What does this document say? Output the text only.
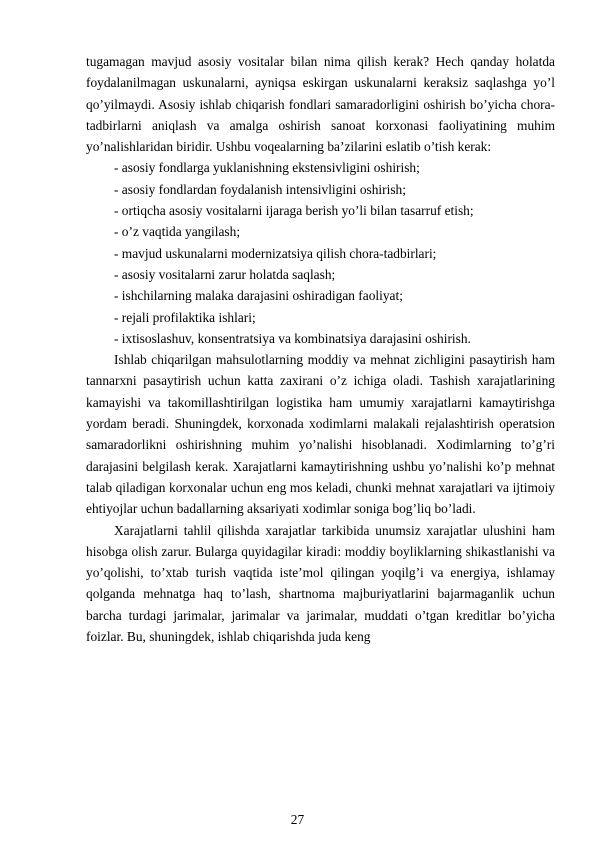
tugamagan mavjud asosiy vositalar bilan nima qilish kerak? Hech qanday holatda foydalanilmagan uskunalarni, ayniqsa eskirgan uskunalarni keraksiz saqlashga yo’l qo’yilmaydi. Asosiy ishlab chiqarish fondlari samaradorligini oshirish bo’yicha chora-tadbirlarni aniqlash va amalga oshirish sanoat korxonasi faoliyatining muhim yo’nalishlaridan biridir. Ushbu voqealarning ba’zilarini eslatib o’tish kerak:

- asosiy fondlarga yuklanishning ekstensivligini oshirish;

- asosiy fondlardan foydalanish intensivligini oshirish;

- ortiqcha asosiy vositalarni ijaraga berish yo’li bilan tasarruf etish;

- o’z vaqtida yangilash;

- mavjud uskunalarni modernizatsiya qilish chora-tadbirlari;

- asosiy vositalarni zarur holatda saqlash;

- ishchilarning malaka darajasini oshiradigan faoliyat;

- rejali profilaktika ishlari;

- ixtisoslashuv, konsentratsiya va kombinatsiya darajasini oshirish.

Ishlab chiqarilgan mahsulotlarning moddiy va mehnat zichligini pasaytirish ham tannarxni pasaytirish uchun katta zaxirani o’z ichiga oladi. Tashish xarajatlarining kamayishi va takomillashtirilgan logistika ham umumiy xarajatlarni kamaytirishga yordam beradi. Shuningdek, korxonada xodimlarni malakali rejalashtirish operatsion samaradorlikni oshirishning muhim yo’nalishi hisoblanadi. Xodimlarning to’g’ri darajasini belgilash kerak. Xarajatlarni kamaytirishning ushbu yo’nalishi ko’p mehnat talab qiladigan korxonalar uchun eng mos keladi, chunki mehnat xarajatlari va ijtimoiy ehtiyojlar uchun badallarning aksariyati xodimlar soniga bog’liq bo’ladi.

Xarajatlarni tahlil qilishda xarajatlar tarkibida unumsiz xarajatlar ulushini ham hisobga olish zarur. Bularga quyidagilar kiradi: moddiy boyliklarning shikastlanishi va yo’qolishi, to’xtab turish vaqtida iste’mol qilingan yoqilg’i va energiya, ishlamay qolganda mehnatga haq to’lash, shartnoma majburiyatlarini bajarmaganlik uchun barcha turdagi jarimalar, jarimalar va jarimalar, muddati o’tgan kreditlar bo’yicha foizlar. Bu, shuningdek, ishlab chiqarishda juda keng

27
